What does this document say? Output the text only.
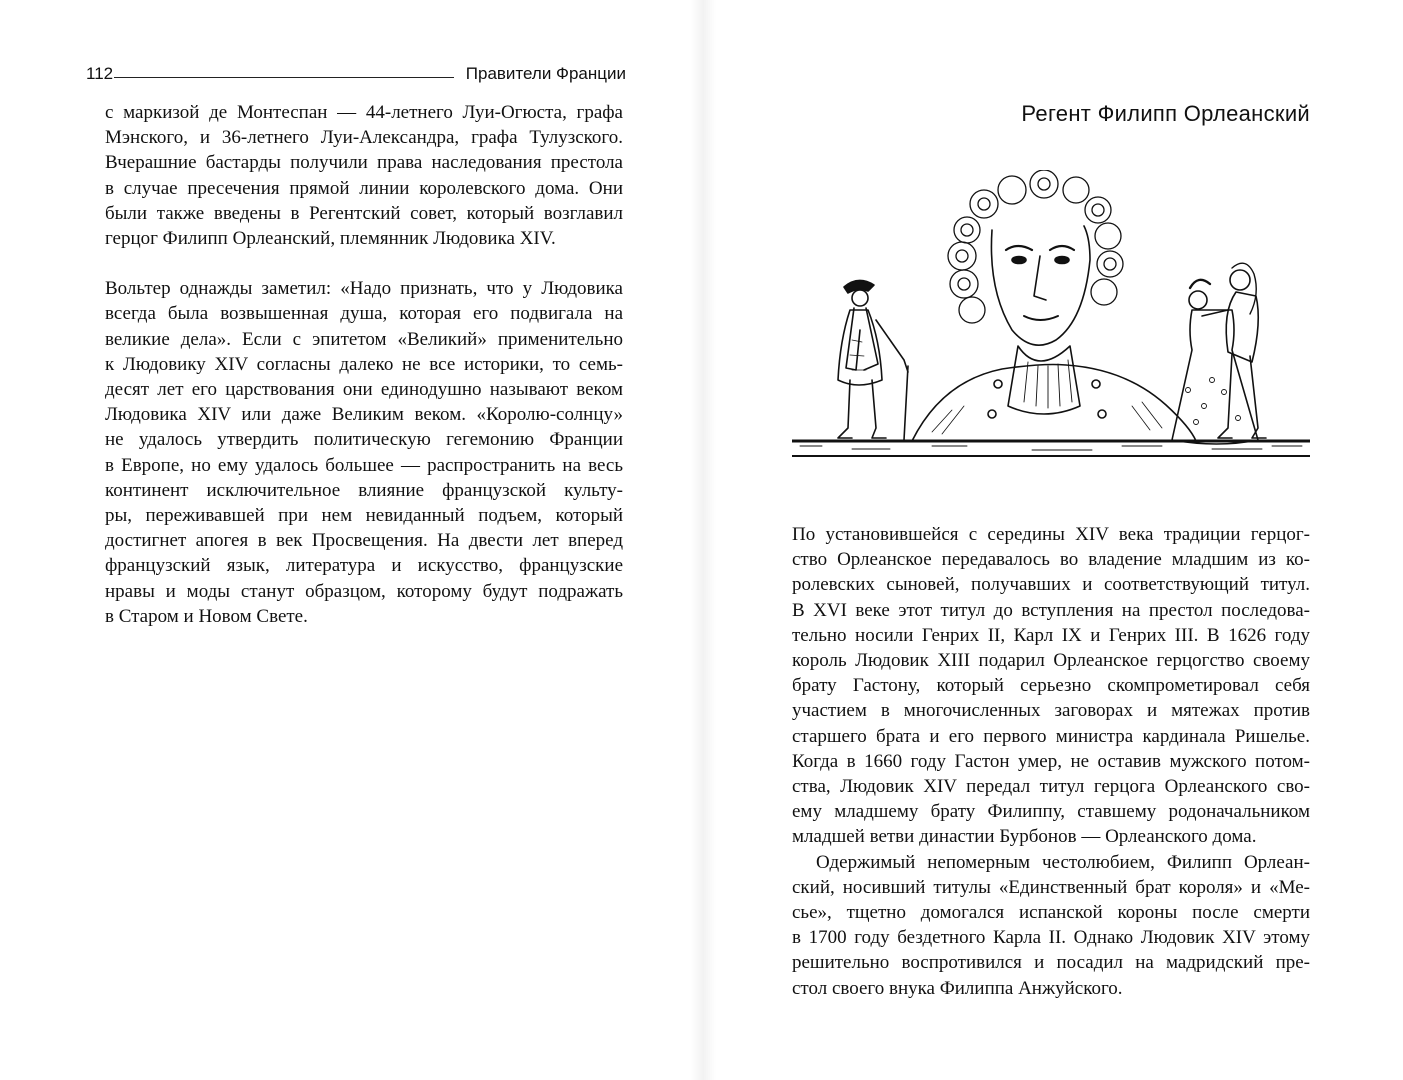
112	Правители Франции

с маркизой де Монтеспан — 44-летнего Луи-Огюста, графа
Мэнского, и 36-летнего Луи-Александра, графа Тулузского.
Вчерашние бастарды получили права наследования престола
в случае пресечения прямой линии королевского дома. Они
были также введены в Регентский совет, который возглавил
герцог Филипп Орлеанский, племянник Людовика XIV.

Вольтер однажды заметил: «Надо признать, что у Людовика
всегда была возвышенная душа, которая его подвигала на
великие дела». Если с эпитетом «Великий» применительно
к Людовику XIV согласны далеко не все историки, то семь-
десят лет его царствования они единодушно называют веком
Людовика XIV или даже Великим веком. «Королю-солнцу»
не удалось утвердить политическую гегемонию Франции
в Европе, но ему удалось большее — распространить на весь
континент исключительное влияние французской культу-
ры, переживавшей при нем невиданный подъем, который
достигнет апогея в век Просвещения. На двести лет вперед
французский язык, литература и искусство, французские
нравы и моды станут образцом, которому будут подражать
в Старом и Новом Свете.

Регент Филипп Орлеанский

По установившейся с середины XIV века традиции герцог-
ство Орлеанское передавалось во владение младшим из ко-
ролевских сыновей, получавших и соответствующий титул.
В XVI веке этот титул до вступления на престол последова-
тельно носили Генрих II, Карл IX и Генрих III. В 1626 году
король Людовик XIII подарил Орлеанское герцогство своему
брату Гастону, который серьезно скомпрометировал себя
участием в многочисленных заговорах и мятежах против
старшего брата и его первого министра кардинала Ришелье.
Когда в 1660 году Гастон умер, не оставив мужского потом-
ства, Людовик XIV передал титул герцога Орлеанского сво-
ему младшему брату Филиппу, ставшему родоначальником
младшей ветви династии Бурбонов — Орлеанского дома.

Одержимый непомерным честолюбием, Филипп Орлеан-
ский, носивший титулы «Единственный брат короля» и «Ме-
сье», тщетно домогался испанской короны после смерти
в 1700 году бездетного Карла II. Однако Людовик XIV этому
решительно воспротивился и посадил на мадридский пре-
стол своего внука Филиппа Анжуйского.
